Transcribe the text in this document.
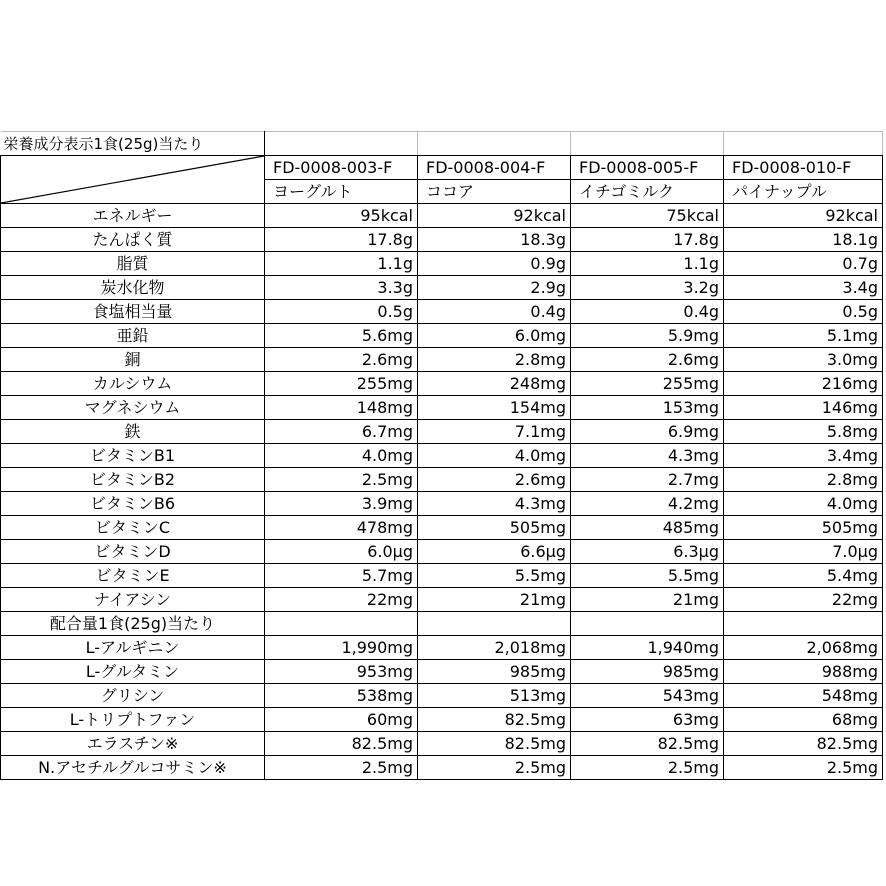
栄養成分表示1食(25g)当たり				

	FD-0008-003-F	FD-0008-004-F	FD-0008-005-F	FD-0008-010-F
	ヨーグルト	ココア	イチゴミルク	パイナップル
エネルギー	95kcal	92kcal	75kcal	92kcal
たんぱく質	17.8g	18.3g	17.8g	18.1g
脂質	1.1g	0.9g	1.1g	0.7g
炭水化物	3.3g	2.9g	3.2g	3.4g
食塩相当量	0.5g	0.4g	0.4g	0.5g
亜鉛	5.6mg	6.0mg	5.9mg	5.1mg
銅	2.6mg	2.8mg	2.6mg	3.0mg
カルシウム	255mg	248mg	255mg	216mg
マグネシウム	148mg	154mg	153mg	146mg
鉄	6.7mg	7.1mg	6.9mg	5.8mg
ビタミンB1	4.0mg	4.0mg	4.3mg	3.4mg
ビタミンB2	2.5mg	2.6mg	2.7mg	2.8mg
ビタミンB6	3.9mg	4.3mg	4.2mg	4.0mg
ビタミンC	478mg	505mg	485mg	505mg
ビタミンD	6.0μg	6.6μg	6.3μg	7.0μg
ビタミンE	5.7mg	5.5mg	5.5mg	5.4mg
ナイアシン	22mg	21mg	21mg	22mg
配合量1食(25g)当たり				
L-アルギニン	1,990mg	2,018mg	1,940mg	2,068mg
L-グルタミン	953mg	985mg	985mg	988mg
グリシン	538mg	513mg	543mg	548mg
L-トリプトファン	60mg	82.5mg	63mg	68mg
エラスチン※	82.5mg	82.5mg	82.5mg	82.5mg
N.アセチルグルコサミン※	2.5mg	2.5mg	2.5mg	2.5mg
